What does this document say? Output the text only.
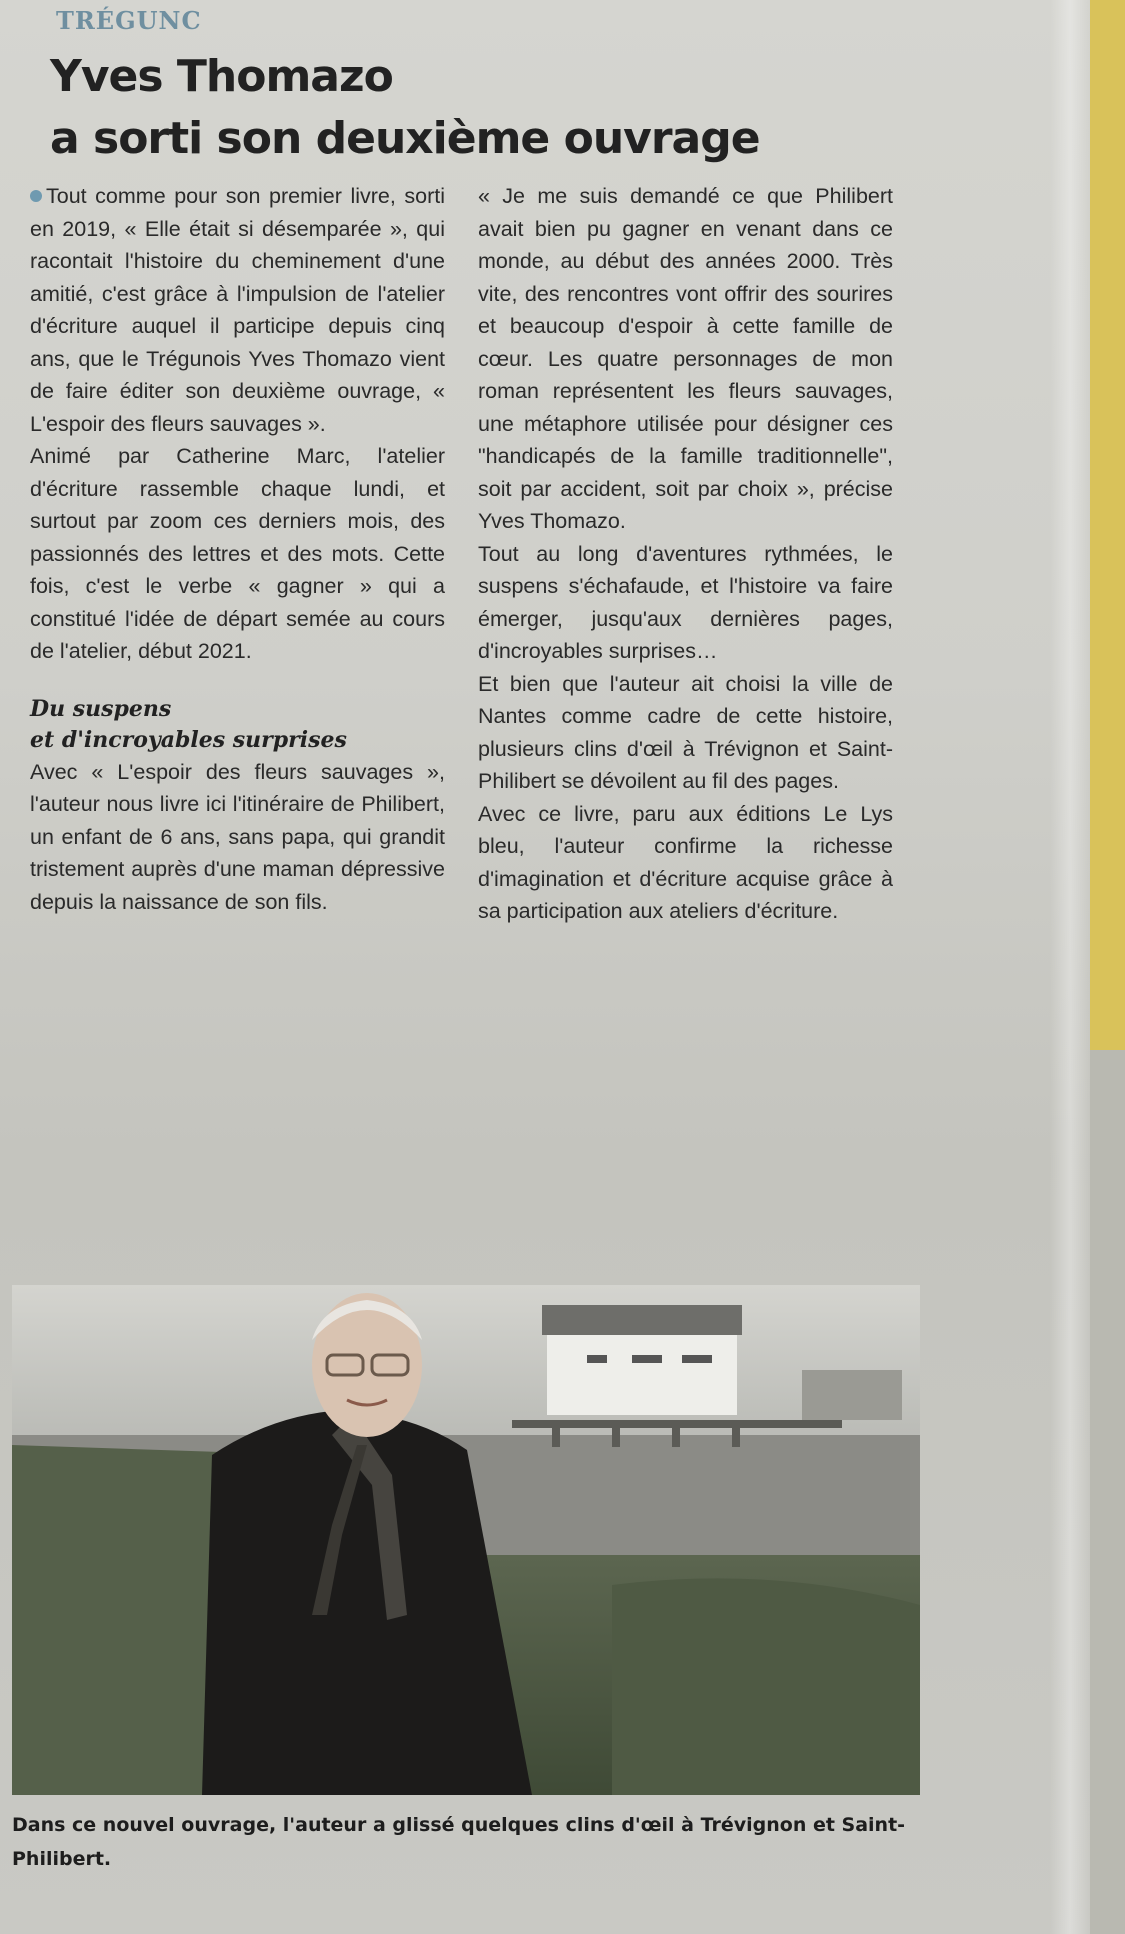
TRÉGUNC
Yves Thomazo
a sorti son deuxième ouvrage

Tout comme pour son premier livre, sorti en 2019, « Elle était si désemparée », qui racontait l'histoire du cheminement d'une amitié, c'est grâce à l'impulsion de l'atelier d'écriture auquel il participe depuis cinq ans, que le Trégunois Yves Thomazo vient de faire éditer son deuxième ouvrage, « L'espoir des fleurs sauvages ».

Animé par Catherine Marc, l'atelier d'écriture rassemble chaque lundi, et surtout par zoom ces derniers mois, des passionnés des lettres et des mots. Cette fois, c'est le verbe « gagner » qui a constitué l'idée de départ semée au cours de l'atelier, début 2021.

Du suspens
et d'incroyables surprises

Avec « L'espoir des fleurs sauvages », l'auteur nous livre ici l'itinéraire de Philibert, un enfant de 6 ans, sans papa, qui grandit tristement auprès d'une maman dépressive depuis la naissance de son fils.

« Je me suis demandé ce que Philibert avait bien pu gagner en venant dans ce monde, au début des années 2000. Très vite, des rencontres vont offrir des sourires et beaucoup d'espoir à cette famille de cœur. Les quatre personnages de mon roman représentent les fleurs sauvages, une métaphore utilisée pour désigner ces "handicapés de la famille traditionnelle", soit par accident, soit par choix », précise Yves Thomazo.

Tout au long d'aventures rythmées, le suspens s'échafaude, et l'histoire va faire émerger, jusqu'aux dernières pages, d'incroyables surprises…

Et bien que l'auteur ait choisi la ville de Nantes comme cadre de cette histoire, plusieurs clins d'œil à Trévignon et Saint-Philibert se dévoilent au fil des pages.

Avec ce livre, paru aux éditions Le Lys bleu, l'auteur confirme la richesse d'imagination et d'écriture acquise grâce à sa participation aux ateliers d'écriture.

Dans ce nouvel ouvrage, l'auteur a glissé quelques clins d'œil à Trévignon et Saint-Philibert.
